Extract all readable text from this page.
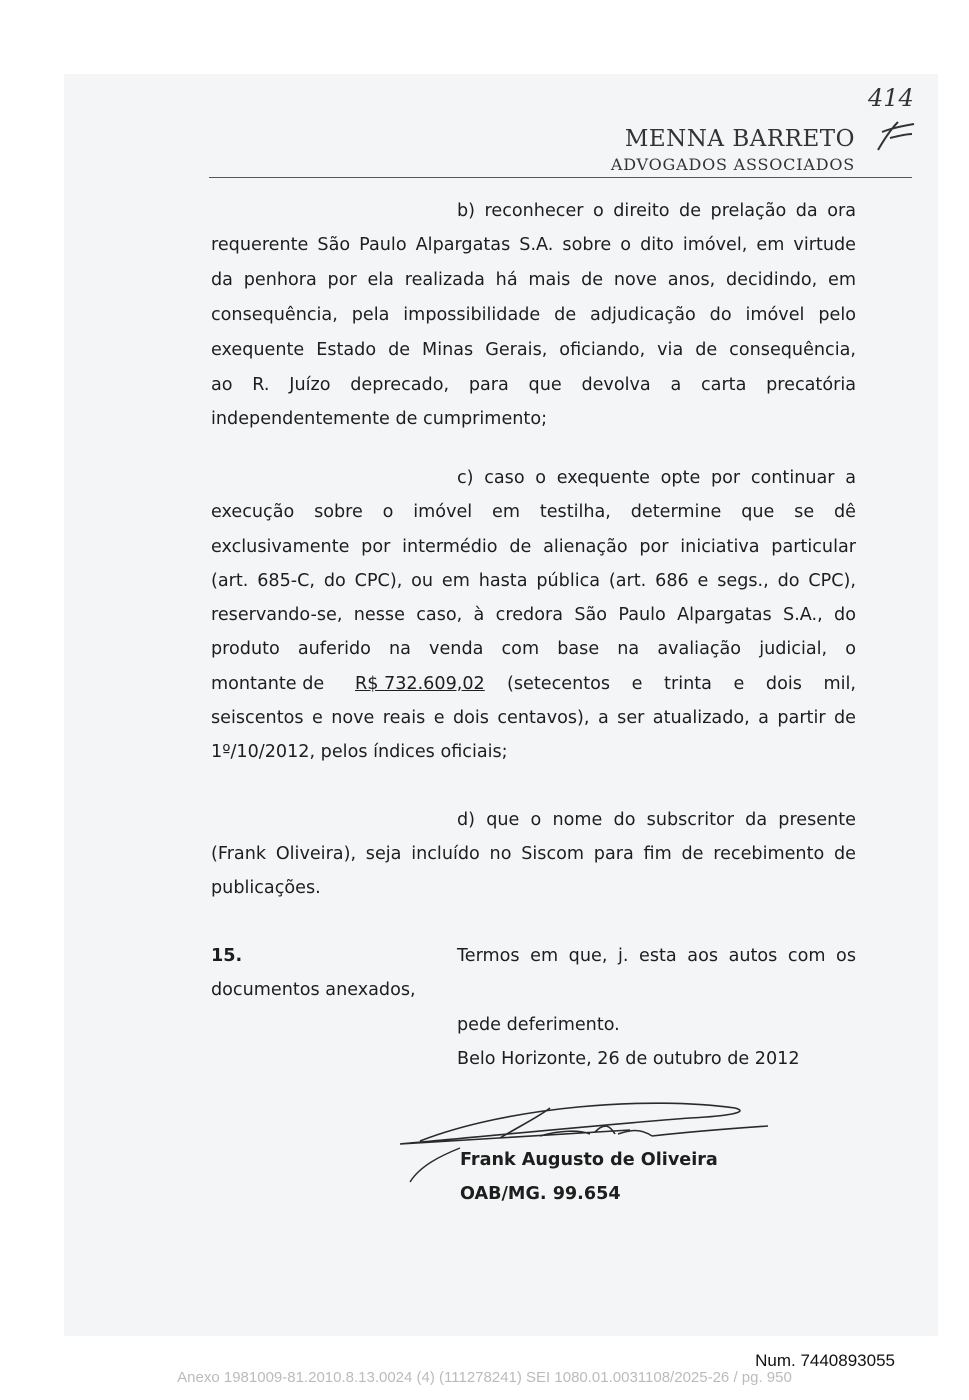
MENNA BARRETO
ADVOGADOS ASSOCIADOS
414
b) reconhecer o direito de prelação da ora
requerente São Paulo Alpargatas S.A. sobre o dito imóvel, em virtude
da penhora por ela realizada há mais de nove anos, decidindo, em
consequência, pela impossibilidade de adjudicação do imóvel pelo
exequente Estado de Minas Gerais, oficiando, via de consequência,
ao R. Juízo deprecado, para que devolva a carta precatória
independentemente de cumprimento;
c) caso o exequente opte por continuar a
execução sobre o imóvel em testilha, determine que se dê
exclusivamente por intermédio de alienação por iniciativa particular
(art. 685-C, do CPC), ou em hasta pública (art. 686 e segs., do CPC),
reservando-se, nesse caso, à credora São Paulo Alpargatas S.A., do
produto auferido na venda com base na avaliação judicial, o
montante de R$ 732.609,02 (setecentos e trinta e dois mil,
seiscentos e nove reais e dois centavos), a ser atualizado, a partir de
1º/10/2012, pelos índices oficiais;
d) que o nome do subscritor da presente
(Frank Oliveira), seja incluído no Siscom para fim de recebimento de
publicações.
15.	Termos em que, j. esta aos autos com os
documentos anexados,
pede deferimento.
Belo Horizonte, 26 de outubro de 2012
Frank Augusto de Oliveira
OAB/MG. 99.654
Num. 7440893055
Anexo 1981009-81.2010.8.13.0024 (4) (111278241) SEI 1080.01.0031108/2025-26 / pg. 950
